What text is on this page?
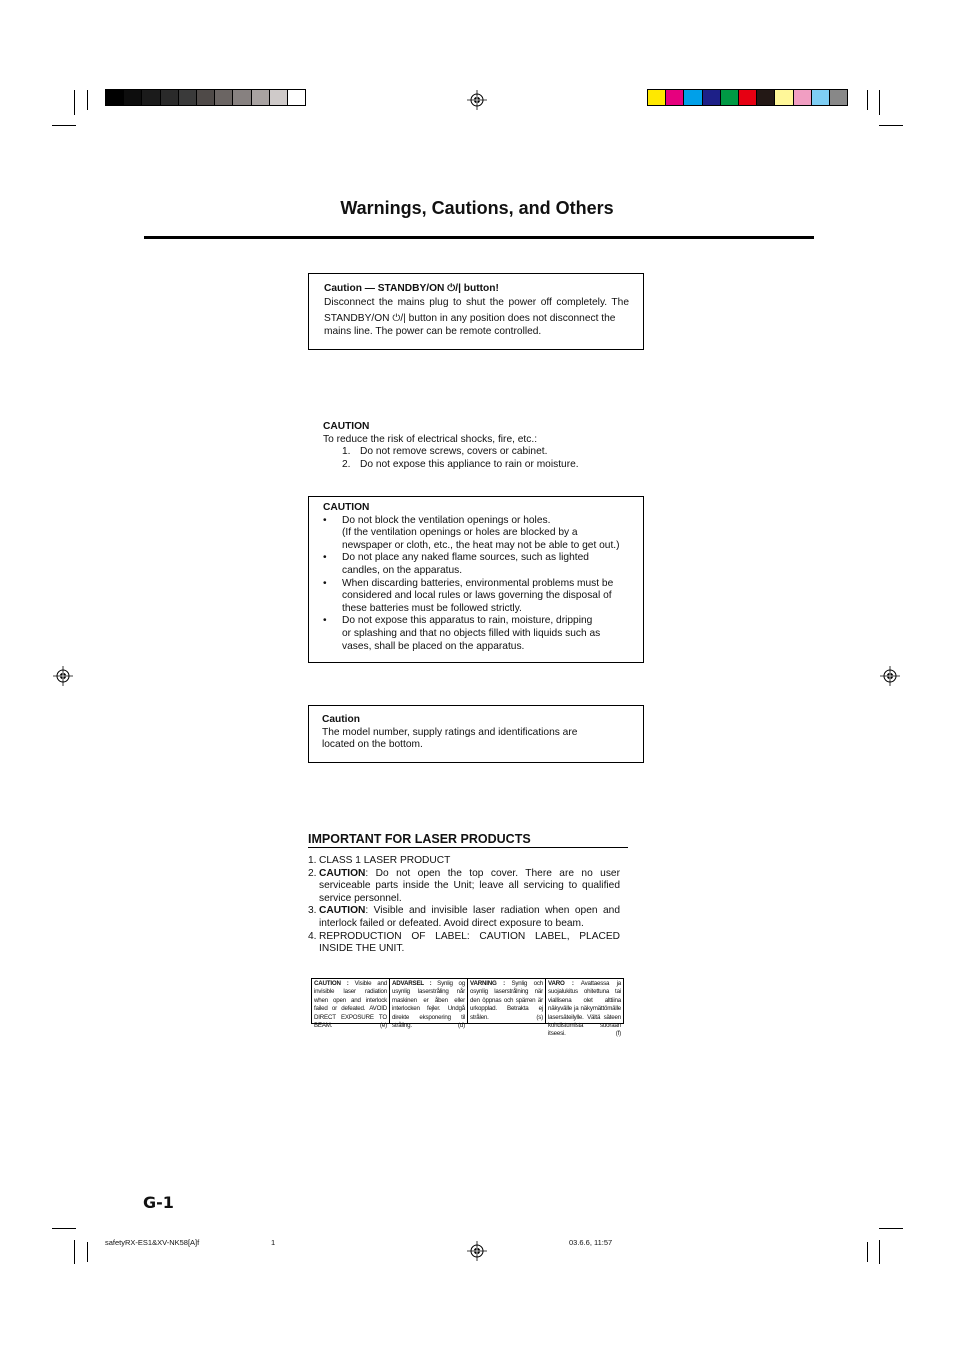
Warnings, Cautions, and Others
Caution — STANDBY/ON ⏻/| button!
Disconnect the mains plug to shut the power off completely. The
STANDBY/ON ⏻/| button in any position does not disconnect the
mains line. The power can be remote controlled.
CAUTION
To reduce the risk of electrical shocks, fire, etc.:
1. Do not remove screws, covers or cabinet.
2. Do not expose this appliance to rain or moisture.
CAUTION
• Do not block the ventilation openings or holes.
(If the ventilation openings or holes are blocked by a
newspaper or cloth, etc., the heat may not be able to get out.)
• Do not place any naked flame sources, such as lighted
candles, on the apparatus.
• When discarding batteries, environmental problems must be
considered and local rules or laws governing the disposal of
these batteries must be followed strictly.
• Do not expose this apparatus to rain, moisture, dripping
or splashing and that no objects filled with liquids such as
vases, shall be placed on the apparatus.
Caution
The model number, supply ratings and identifications are
located on the bottom.
IMPORTANT FOR LASER PRODUCTS
1. CLASS 1 LASER PRODUCT
2. CAUTION: Do not open the top cover. There are no user serviceable parts inside the Unit; leave all servicing to qualified service personnel.
3. CAUTION: Visible and invisible laser radiation when open and interlock failed or defeated. Avoid direct exposure to beam.
4. REPRODUCTION OF LABEL: CAUTION LABEL, PLACED INSIDE THE UNIT.
CAUTION : Visible and invisible laser radiation when open and interlock failed or defeated. AVOID DIRECT EXPOSURE TO BEAM.	(e)
ADVARSEL : Synlig og usynlig laserstråling når maskinen er åben eller interlocken fejler. Undgå direkte eksponering til stråling.	(d)
VARNING : Synlig och osynlig laserstrålning när den öppnas och spärren är urkopplad. Betrakta ej strålen.	(s)
VARO : Avattaessa ja suojalukitus ohitettuna tai viallisena olet alttiina näkyvälle ja näkymättömälle lasersäteilylle. Vältä säteen kohdistumista suoraan itseesi.	(f)
G-1
safetyRX-ES1&XV-NK58[A]f	1	03.6.6, 11:57
